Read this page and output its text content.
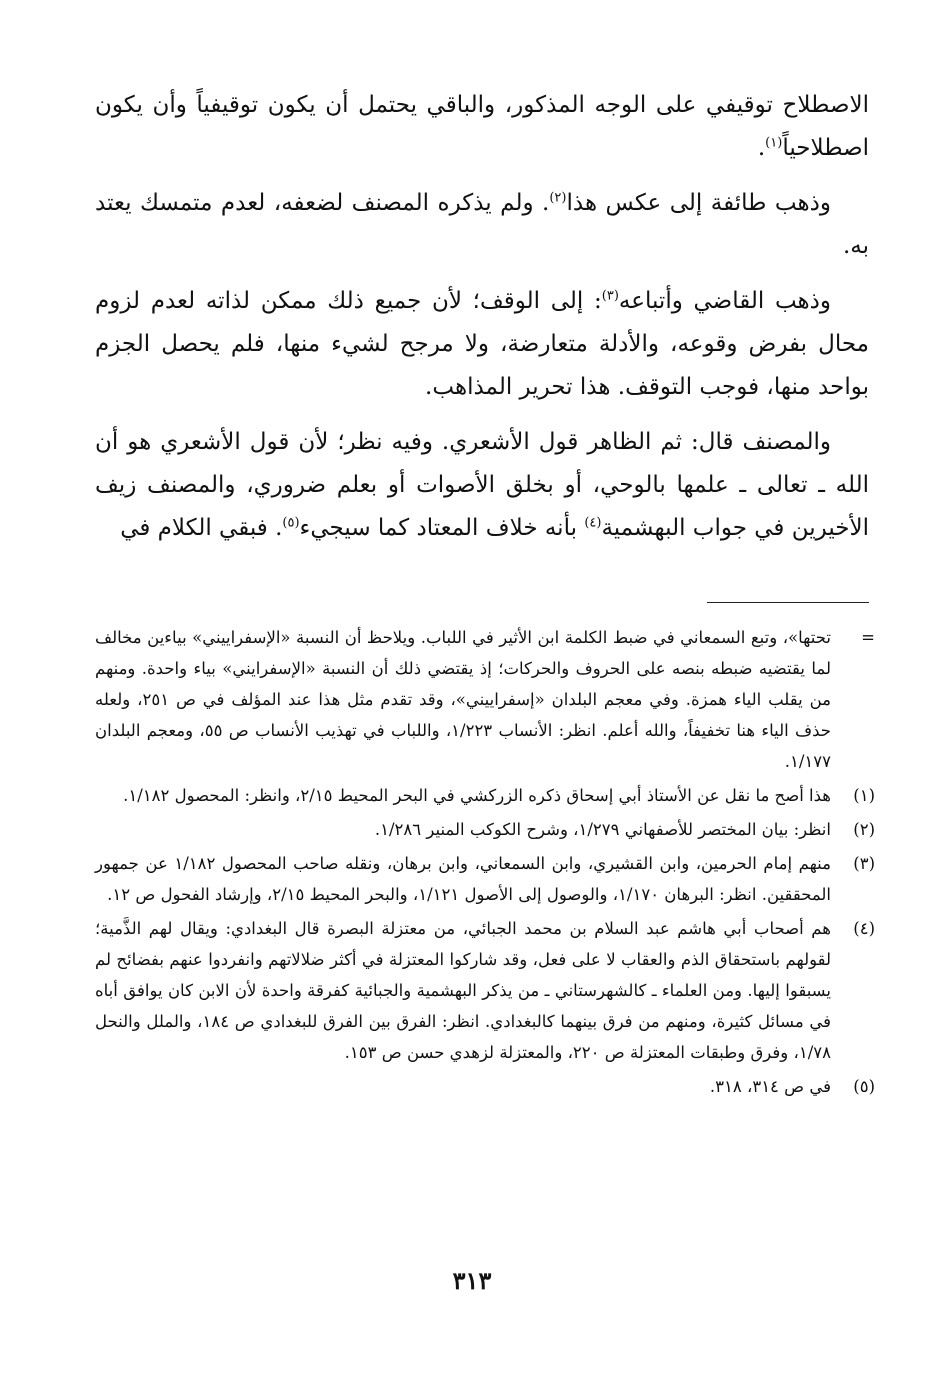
الاصطلاح توقيفي على الوجه المذكور، والباقي يحتمل أن يكون توقيفياً وأن يكون اصطلاحياً$^{(١)}$.

وذهب طائفة إلى عكس هذا$^{(٢)}$. ولم يذكره المصنف لضعفه، لعدم متمسك يعتد به.

وذهب القاضي وأتباعه$^{(٣)}$: إلى الوقف؛ لأن جميع ذلك ممكن لذاته لعدم لزوم محال بفرض وقوعه، والأدلة متعارضة، ولا مرجح لشيء منها، فلم يحصل الجزم بواحد منها، فوجب التوقف. هذا تحرير المذاهب.

والمصنف قال: ثم الظاهر قول الأشعري. وفيه نظر؛ لأن قول الأشعري هو أن الله ـ تعالى ـ علمها بالوحي، أو بخلق الأصوات أو بعلم ضروري، والمصنف زيف الأخيرين في جواب البهشمية$^{(٤)}$ بأنه خلاف المعتاد كما سيجيء$^{(٥)}$. فبقي الكلام في

=
تحتها»، وتبع السمعاني في ضبط الكلمة ابن الأثير في اللباب. ويلاحظ أن النسبة «الإسفراييني» بياءين مخالف لما يقتضيه ضبطه بنصه على الحروف والحركات؛ إذ يقتضي ذلك أن النسبة «الإسفرايني» بياء واحدة. ومنهم من يقلب الياء همزة. وفي معجم البلدان «إسفراييني»، وقد تقدم مثل هذا عند المؤلف في ص ٢٥١، ولعله حذف الياء هنا تخفيفاً، والله أعلم. انظر: الأنساب ١/٢٢٣، واللباب في تهذيب الأنساب ص ٥٥، ومعجم البلدان ١/١٧٧.
(١)
هذا أصح ما نقل عن الأستاذ أبي إسحاق ذكره الزركشي في البحر المحيط ٢/١٥، وانظر: المحصول ١/١٨٢.
(٢)
انظر: بيان المختصر للأصفهاني ١/٢٧٩، وشرح الكوكب المنير ١/٢٨٦.
(٣)
منهم إمام الحرمين، وابن القشيري، وابن السمعاني، وابن برهان، ونقله صاحب المحصول ١/١٨٢ عن جمهور المحققين. انظر: البرهان ١/١٧٠، والوصول إلى الأصول ١/١٢١، والبحر المحيط ٢/١٥، وإرشاد الفحول ص ١٢.
(٤)
هم أصحاب أبي هاشم عبد السلام بن محمد الجبائي، من معتزلة البصرة قال البغدادي: ويقال لهم الذَّمية؛ لقولهم باستحقاق الذم والعقاب لا على فعل، وقد شاركوا المعتزلة في أكثر ضلالاتهم وانفردوا عنهم بفضائح لم يسبقوا إليها. ومن العلماء ـ كالشهرستاني ـ من يذكر البهشمية والجبائية كفرقة واحدة لأن الابن كان يوافق أباه في مسائل كثيرة، ومنهم من فرق بينهما كالبغدادي. انظر: الفرق بين الفرق للبغدادي ص ١٨٤، والملل والنحل ١/٧٨، وفرق وطبقات المعتزلة ص ٢٢٠، والمعتزلة لزهدي حسن ص ١٥٣.
(٥)
في ص ٣١٤، ٣١٨.
٣١٣
